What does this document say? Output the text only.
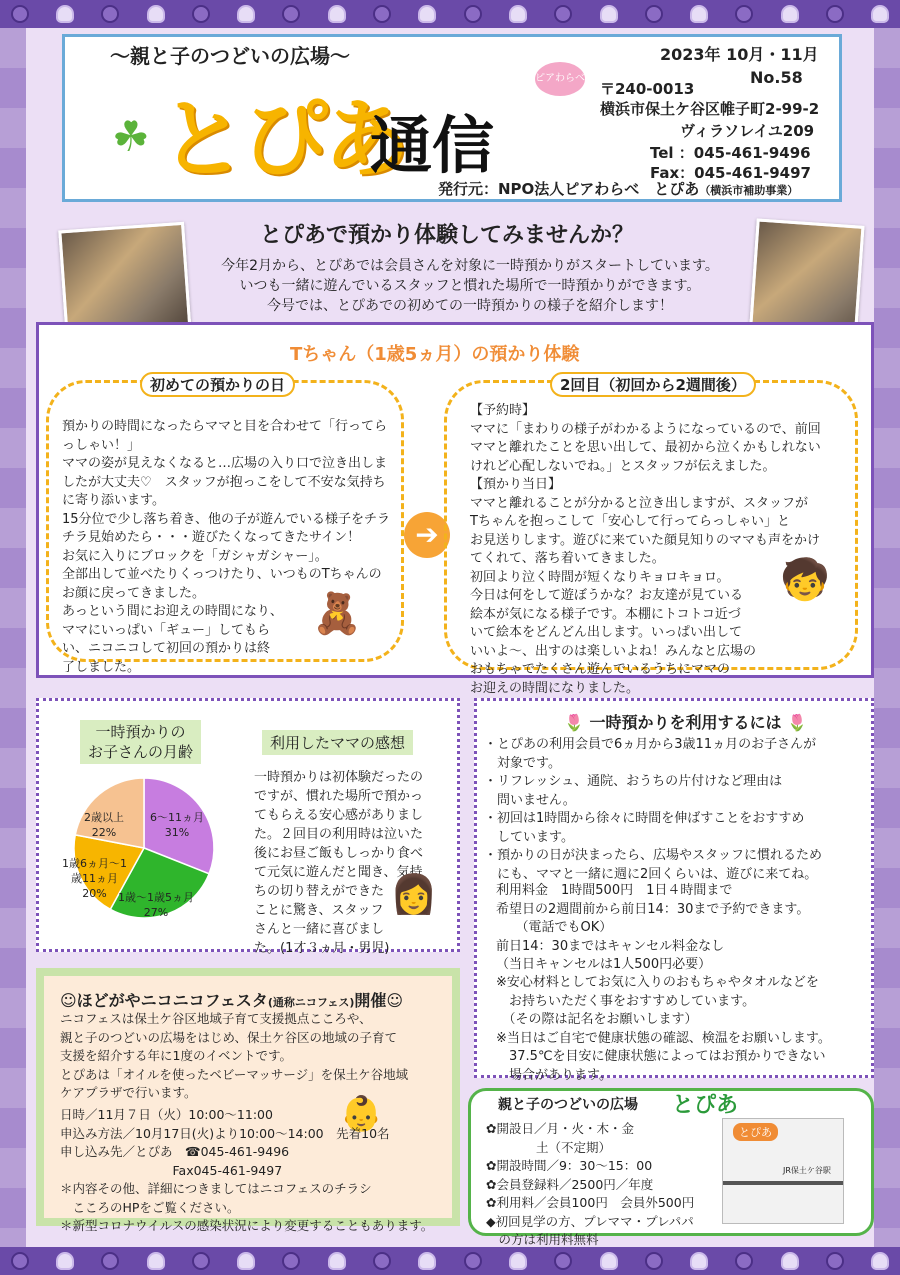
〜親と子のつどいの広場〜
☘ とぴあ
通信
2023年 10月・11月
ピアわらべ	No.58
〒240-0013
横浜市保土ケ谷区帷子町2-99-2
ヴィラソレイユ209
Tel ：045-461-9496
Fax：045-461-9497
発行元：NPO法人ピアわらべ　とぴあ（横浜市補助事業）
とぴあで預かり体験してみませんか？
今年2月から、とぴあでは会員さんを対象に一時預かりがスタートしています。
いつも一緒に遊んでいるスタッフと慣れた場所で一時預かりができます。
今号では、とぴあでの初めての一時預かりの様子を紹介します！
Tちゃん（1歳5ヵ月）の預かり体験
初めての預かりの日
預かりの時間になったらママと目を合わせて「行ってら
っしゃい！」
ママの姿が見えなくなると…広場の入り口で泣き出しま
したが大丈夫♡　スタッフが抱っこをして不安な気持ち
に寄り添います。
15分位で少し落ち着き、他の子が遊んでいる様子をチラ
チラ見始めたら・・・遊びたくなってきたサイン！
お気に入りにブロックを「ガシャガシャー」。
全部出して並べたりくっつけたり、いつものTちゃんの
お顔に戻ってきました。
あっという間にお迎えの時間になり、
ママにいっぱい「ギュー」してもら
い、ニコニコして初回の預かりは終
了しました。
🧸
➔
2回目（初回から2週間後）
【予約時】
ママに「まわりの様子がわかるようになっているので、前回
ママと離れたことを思い出して、最初から泣くかもしれない
けれど心配しないでね。」とスタッフが伝えました。
【預かり当日】
ママと離れることが分かると泣き出しますが、スタッフが
Tちゃんを抱っこして「安心して行ってらっしゃい」と
お見送りします。遊びに来ていた顔見知りのママも声をかけ
てくれて、落ち着いてきました。
初回より泣く時間が短くなりキョロキョロ。
今日は何をして遊ぼうかな？お友達が見ている
絵本が気になる様子です。本棚にトコトコ近づ
いて絵本をどんどん出します。いっぱい出して
いいよ〜、出すのは楽しいよね！みんなと広場の
おもちゃでたくさん遊んでいるうちにママの
お迎えの時間になりました。
🧒
一時預かりの
お子さんの月齢
6〜11ヵ月
31%
1歳〜1歳5ヵ月
27%
1歳6ヵ月〜1
歳11ヵ月
20%
2歳以上
22%
利用したママの感想
一時預かりは初体験だったの
ですが、慣れた場所で預かっ
てもらえる安心感がありまし
た。２回目の利用時は泣いた
後にお昼ご飯もしっかり食べ
て元気に遊んだと聞き、気持
ちの切り替えができた
ことに驚き、スタッフ
さんと一緒に喜びまし
た。(1才３ヵ月・男児)
👩
🌷 一時預かりを利用するには 🌷
・とぴあの利用会員で6ヵ月から3歳11ヵ月のお子さんが
　対象です。
・リフレッシュ、通院、おうちの片付けなど理由は
　問いません。
・初回は1時間から徐々に時間を伸ばすことをおすすめ
　しています。
・預かりの日が決まったら、広場やスタッフに慣れるため
　にも、ママと一緒に週に2回くらいは、遊びに来てね。
利用料金　1時間500円　1日４時間まで
希望日の2週間前から前日14：30まで予約できます。
　　（電話でもOK）
前日14：30まではキャンセル料金なし
（当日キャンセルは1人500円必要）
※安心材料としてお気に入りのおもちゃやタオルなどを
　お持ちいただく事をおすすめしています。
　（その際は記名をお願いします）
※当日はご自宅で健康状態の確認、検温をお願いします。
　37.5℃を目安に健康状態によってはお預かりできない
　場合があります。
☺ほどがやニコニコフェスタ(通称ニコフェス)開催☺
ニコフェスは保土ケ谷区地域子育て支援拠点こころや、
親と子のつどいの広場をはじめ、保土ケ谷区の地域の子育て
支援を紹介する年に1度のイベントです。
とぴあは「オイルを使ったベビーマッサージ」を保土ケ谷地域
ケアプラザで行います。
👶
日時／11月７日（火）10:00〜11:00
申込み方法／10月17日(火)より10:00〜14:00　先着10名
申し込み先／とぴあ　☎045-461-9496
　　　　　　　　　Fax045-461-9497
＊内容その他、詳細につきましてはニコフェスのチラシ
　こころのHPをご覧ください。
＊新型コロナウイルスの感染状況により変更することもあります。
親と子のつどいの広場 とぴあ
✿開設日／月・火・木・金
　　　　土（不定期）
✿開設時間／9：30〜15：00
✿会員登録料／2500円／年度
✿利用料／会員100円　会員外500円
◆初回見学の方、プレママ・プレパパ
　の方は利用料無料
とぴあ
JR保土ケ谷駅
